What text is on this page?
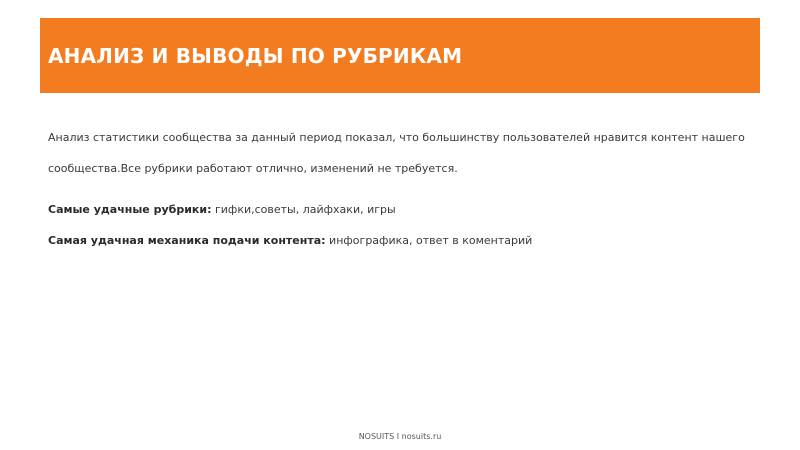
АНАЛИЗ И ВЫВОДЫ ПО РУБРИКАМ

Анализ статистики сообщества за данный период показал, что большинству пользователей нравится контент нашего сообщества.Все рубрики работают отлично, изменений не требуется.

Самые удачные рубрики: гифки,советы, лайфхаки, игры

Самая удачная механика подачи контента: инфографика, ответ в коментарий

NOSUITS I nosuits.ru
